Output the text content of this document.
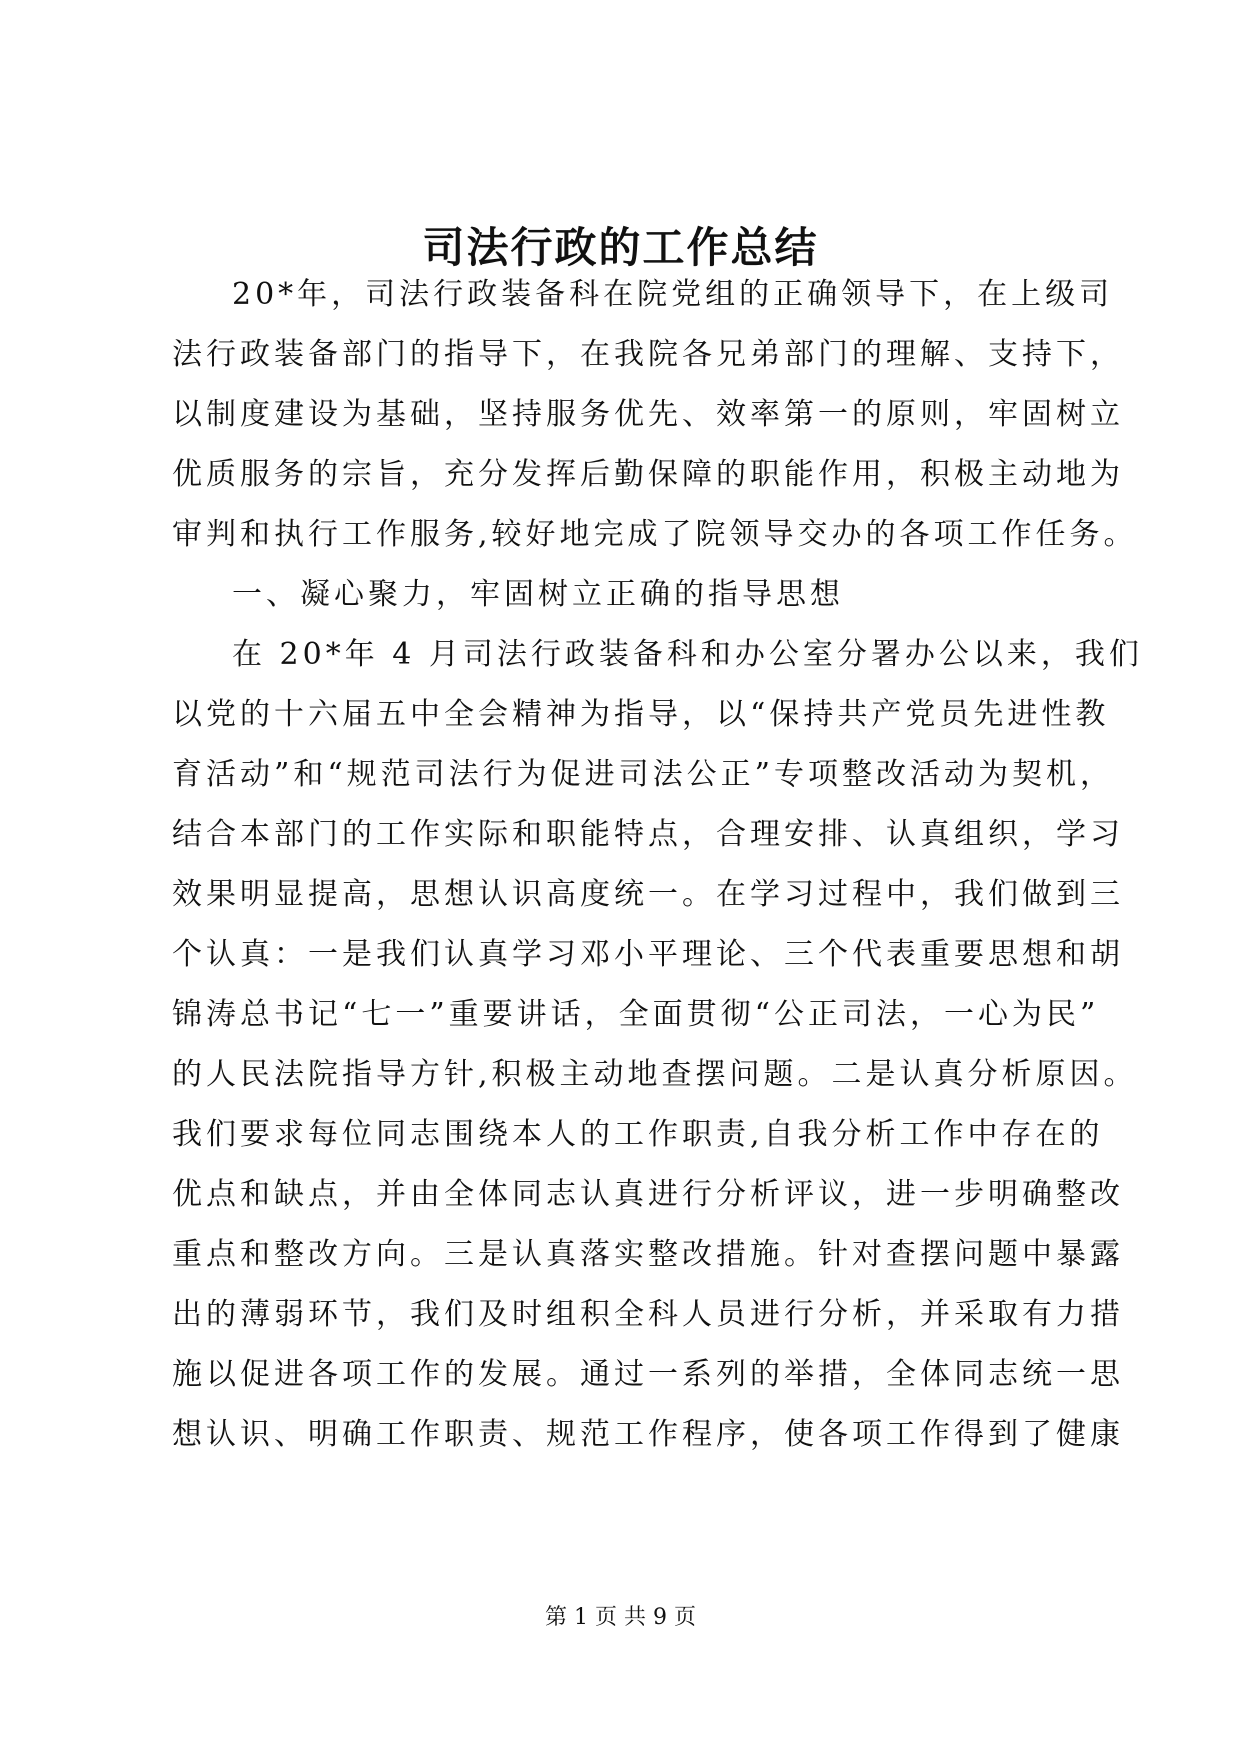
司法行政的工作总结

20*年，司法行政装备科在院党组的正确领导下，在上级司

法行政装备部门的指导下，在我院各兄弟部门的理解、支持下，

以制度建设为基础，坚持服务优先、效率第一的原则，牢固树立

优质服务的宗旨，充分发挥后勤保障的职能作用，积极主动地为

审判和执行工作服务,较好地完成了院领导交办的各项工作任务。

一、凝心聚力，牢固树立正确的指导思想

在 20*年 4 月司法行政装备科和办公室分署办公以来，我们

以党的十六届五中全会精神为指导，以“保持共产党员先进性教

育活动”和“规范司法行为促进司法公正”专项整改活动为契机，

结合本部门的工作实际和职能特点，合理安排、认真组织，学习

效果明显提高，思想认识高度统一。在学习过程中，我们做到三

个认真：一是我们认真学习邓小平理论、三个代表重要思想和胡

锦涛总书记“七一”重要讲话，全面贯彻“公正司法，一心为民”

的人民法院指导方针,积极主动地查摆问题。二是认真分析原因。

我们要求每位同志围绕本人的工作职责,自我分析工作中存在的

优点和缺点，并由全体同志认真进行分析评议，进一步明确整改

重点和整改方向。三是认真落实整改措施。针对查摆问题中暴露

出的薄弱环节，我们及时组积全科人员进行分析，并采取有力措

施以促进各项工作的发展。通过一系列的举措，全体同志统一思

想认识、明确工作职责、规范工作程序，使各项工作得到了健康

第 1 页 共 9 页
